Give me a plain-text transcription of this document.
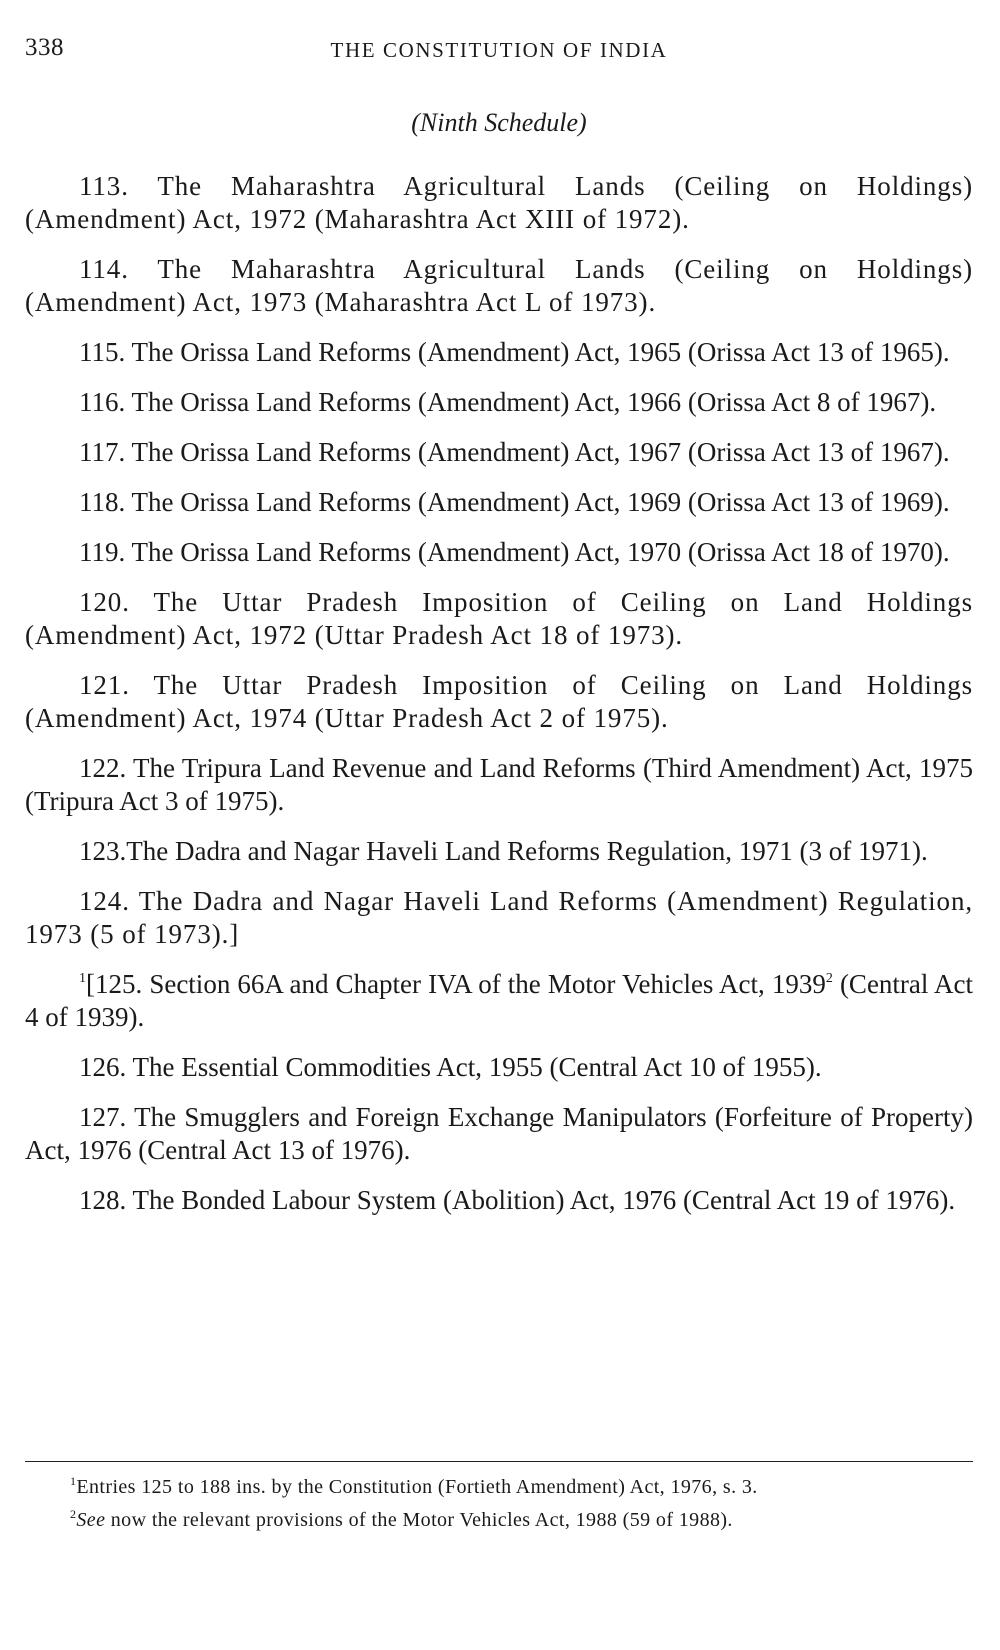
338	THE CONSTITUTION OF INDIA
(Ninth Schedule)

113. The Maharashtra Agricultural Lands (Ceiling on Holdings) (Amendment) Act, 1972 (Maharashtra Act XIII of 1972).

114. The Maharashtra Agricultural Lands (Ceiling on Holdings) (Amendment) Act, 1973 (Maharashtra Act L of 1973).

115. The Orissa Land Reforms (Amendment) Act, 1965 (Orissa Act 13 of 1965).

116. The Orissa Land Reforms (Amendment) Act, 1966 (Orissa Act 8 of 1967).

117. The Orissa Land Reforms (Amendment) Act, 1967 (Orissa Act 13 of 1967).

118. The Orissa Land Reforms (Amendment) Act, 1969 (Orissa Act 13 of 1969).

119. The Orissa Land Reforms (Amendment) Act, 1970 (Orissa Act 18 of 1970).

120. The Uttar Pradesh Imposition of Ceiling on Land Holdings (Amendment) Act, 1972 (Uttar Pradesh Act 18 of 1973).

121. The Uttar Pradesh Imposition of Ceiling on Land Holdings (Amendment) Act, 1974 (Uttar Pradesh Act 2 of 1975).

122. The Tripura Land Revenue and Land Reforms (Third Amendment) Act, 1975 (Tripura Act 3 of 1975).

123.The Dadra and Nagar Haveli Land Reforms Regulation, 1971 (3 of 1971).

124. The Dadra and Nagar Haveli Land Reforms (Amendment) Regulation, 1973 (5 of 1973).]

$^1$[125. Section 66A and Chapter IVA of the Motor Vehicles Act, 1939$^2$ (Central Act 4 of 1939).

126. The Essential Commodities Act, 1955 (Central Act 10 of 1955).

127. The Smugglers and Foreign Exchange Manipulators (Forfeiture of Property) Act, 1976 (Central Act 13 of 1976).

128. The Bonded Labour System (Abolition) Act, 1976 (Central Act 19 of 1976).

$^1$Entries 125 to 188 ins. by the Constitution (Fortieth Amendment) Act, 1976, s. 3.
$^2$See now the relevant provisions of the Motor Vehicles Act, 1988 (59 of 1988).
